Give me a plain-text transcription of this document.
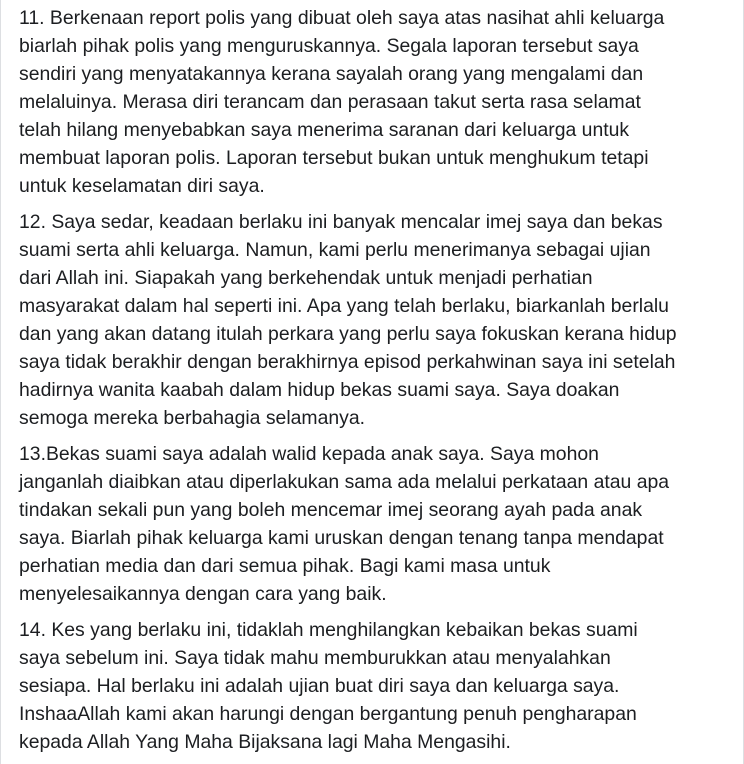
11. Berkenaan report polis yang dibuat oleh saya atas nasihat ahli keluarga
biarlah pihak polis yang menguruskannya. Segala laporan tersebut saya
sendiri yang menyatakannya kerana sayalah orang yang mengalami dan
melaluinya. Merasa diri terancam dan perasaan takut serta rasa selamat
telah hilang menyebabkan saya menerima saranan dari keluarga untuk
membuat laporan polis. Laporan tersebut bukan untuk menghukum tetapi
untuk keselamatan diri saya.

12. Saya sedar, keadaan berlaku ini banyak mencalar imej saya dan bekas
suami serta ahli keluarga. Namun, kami perlu menerimanya sebagai ujian
dari Allah ini. Siapakah yang berkehendak untuk menjadi perhatian
masyarakat dalam hal seperti ini. Apa yang telah berlaku, biarkanlah berlalu
dan yang akan datang itulah perkara yang perlu saya fokuskan kerana hidup
saya tidak berakhir dengan berakhirnya episod perkahwinan saya ini setelah
hadirnya wanita kaabah dalam hidup bekas suami saya. Saya doakan
semoga mereka berbahagia selamanya.

13.Bekas suami saya adalah walid kepada anak saya. Saya mohon
janganlah diaibkan atau diperlakukan sama ada melalui perkataan atau apa
tindakan sekali pun yang boleh mencemar imej seorang ayah pada anak
saya. Biarlah pihak keluarga kami uruskan dengan tenang tanpa mendapat
perhatian media dan dari semua pihak. Bagi kami masa untuk
menyelesaikannya dengan cara yang baik.

14. Kes yang berlaku ini, tidaklah menghilangkan kebaikan bekas suami
saya sebelum ini. Saya tidak mahu memburukkan atau menyalahkan
sesiapa. Hal berlaku ini adalah ujian buat diri saya dan keluarga saya.
InshaaAllah kami akan harungi dengan bergantung penuh pengharapan
kepada Allah Yang Maha Bijaksana lagi Maha Mengasihi.
